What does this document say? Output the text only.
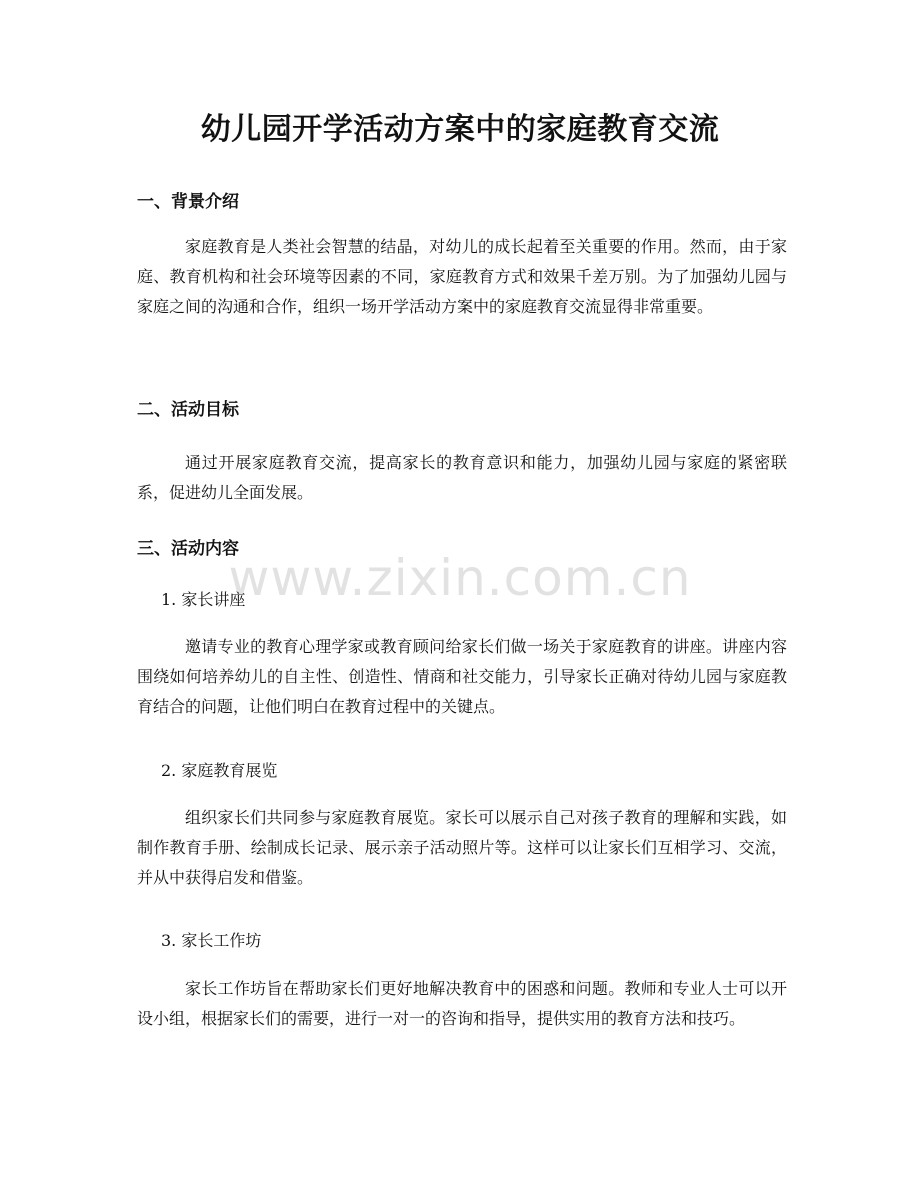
幼儿园开学活动方案中的家庭教育交流
一、背景介绍

家庭教育是人类社会智慧的结晶，对幼儿的成长起着至关重要的作用。然而，由于家庭、教育机构和社会环境等因素的不同，家庭教育方式和效果千差万别。为了加强幼儿园与家庭之间的沟通和合作，组织一场开学活动方案中的家庭教育交流显得非常重要。

二、活动目标

通过开展家庭教育交流，提高家长的教育意识和能力，加强幼儿园与家庭的紧密联系，促进幼儿全面发展。

三、活动内容

1. 家长讲座

邀请专业的教育心理学家或教育顾问给家长们做一场关于家庭教育的讲座。讲座内容围绕如何培养幼儿的自主性、创造性、情商和社交能力，引导家长正确对待幼儿园与家庭教育结合的问题，让他们明白在教育过程中的关键点。

2. 家庭教育展览

组织家长们共同参与家庭教育展览。家长可以展示自己对孩子教育的理解和实践，如制作教育手册、绘制成长记录、展示亲子活动照片等。这样可以让家长们互相学习、交流，并从中获得启发和借鉴。

3. 家长工作坊

家长工作坊旨在帮助家长们更好地解决教育中的困惑和问题。教师和专业人士可以开设小组，根据家长们的需要，进行一对一的咨询和指导，提供实用的教育方法和技巧。

www.zixin.com.cn
